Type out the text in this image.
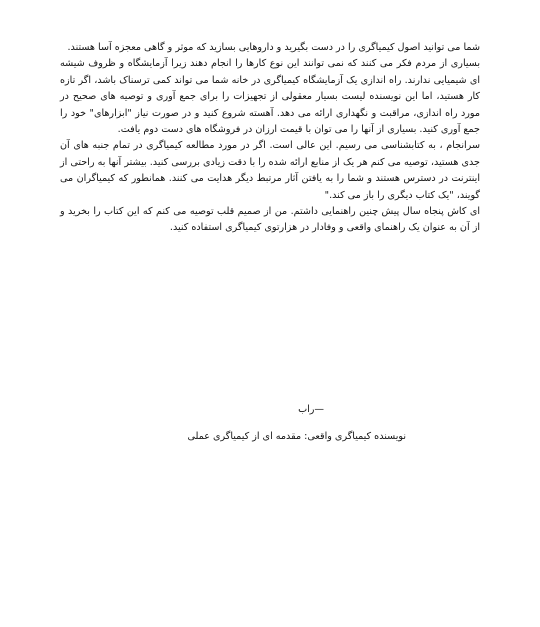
شما می توانید اصول کیمیاگری را در دست بگیرید و داروهایی بسازید که موثر و گاهی معجزه آسا هستند.

بسیاری از مردم فکر می کنند که نمی توانند این نوع کارها را انجام دهند زیرا آزمایشگاه و ظروف شیشه ای شیمیایی ندارند. راه اندازی یک آزمایشگاه کیمیاگری در خانه شما می تواند کمی ترسناک باشد، اگر تازه کار هستید، اما این نویسنده لیست بسیار معقولی از تجهیزات را برای جمع آوری و توصیه های صحیح در مورد راه اندازی، مراقبت و نگهداری ارائه می دهد. آهسته شروع کنید و در صورت نیاز "ابزارهای" خود را جمع آوری کنید. بسیاری از آنها را می توان با قیمت ارزان در فروشگاه های دست دوم یافت.

سرانجام ، به کتابشناسی می رسیم. این عالی است. اگر در مورد مطالعه کیمیاگری در تمام جنبه های آن جدی هستید، توصیه می کنم هر یک از منابع ارائه شده را با دقت زیادی بررسی کنید. بیشتر آنها به راحتی از اینترنت در دسترس هستند و شما را به یافتن آثار مرتبط دیگر هدایت می کنند. همانطور که کیمیاگران می گویند، "یک کتاب دیگری را باز می کند."

ای کاش پنجاه سال پیش چنین راهنمایی داشتم. من از صمیم قلب توصیه می کنم که این کتاب را بخرید و از آن به عنوان یک راهنمای واقعی و وفادار در هزارتوی کیمیاگری استفاده کنید.

—راب
نویسنده کیمیاگری واقعی: مقدمه ای از کیمیاگری عملی
